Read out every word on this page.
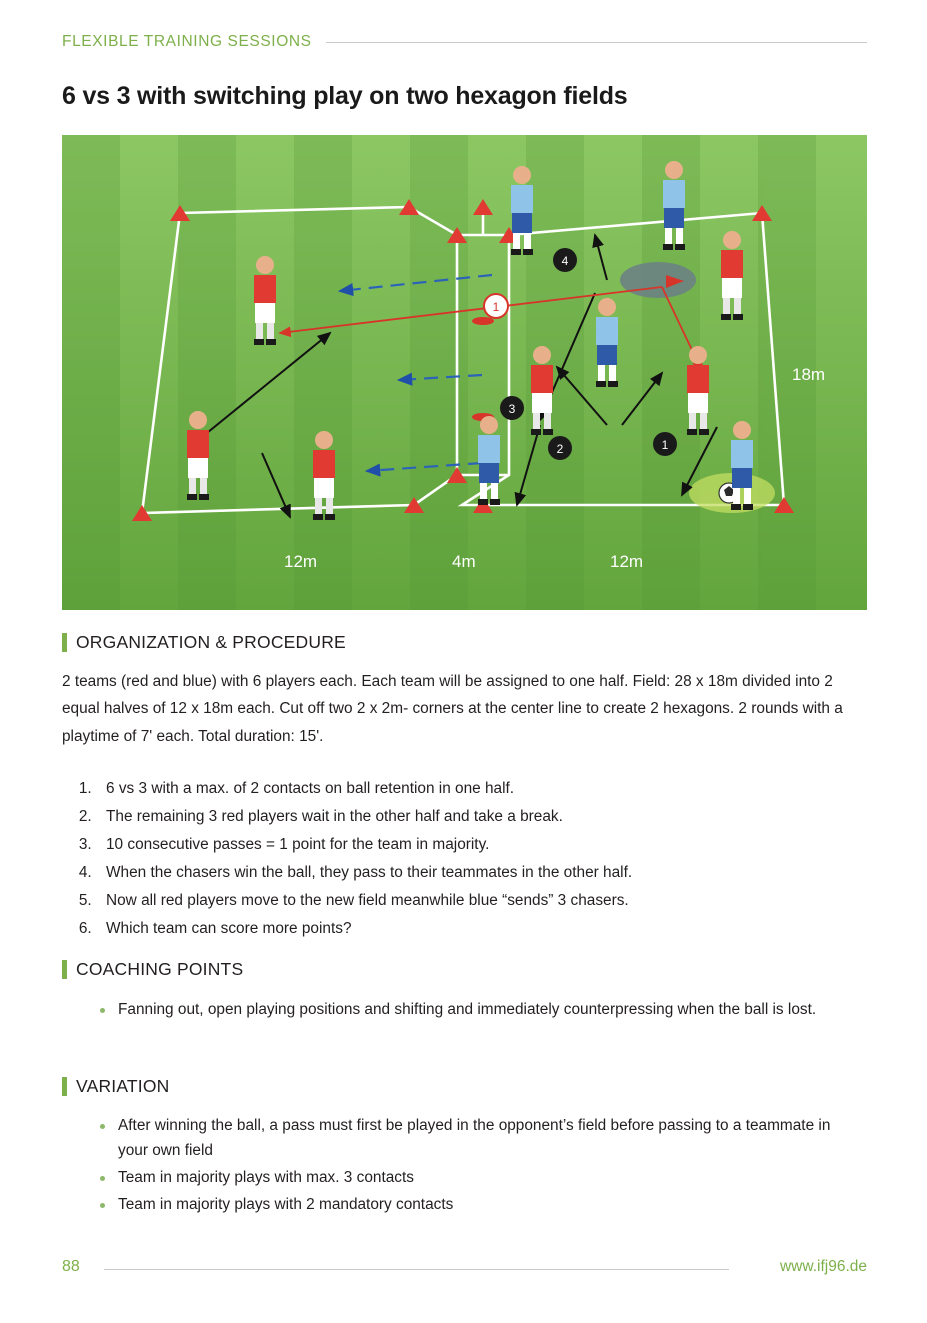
FLEXIBLE TRAINING SESSIONS
6 vs 3 with switching play on two hexagon fields
1
2
3
4
1
18m
12m	4m	12m
ORGANIZATION & PROCEDURE
2 teams (red and blue) with 6 players each. Each team will be assigned to one half. Field: 28 x 18m divided into 2 equal halves of 12 x 18m each. Cut off two 2 x 2m- corners at the center line to create 2 hexagons. 2 rounds with a playtime of 7' each. Total duration: 15'.
1. 6 vs 3 with a max. of 2 contacts on ball retention in one half.
2. The remaining 3 red players wait in the other half and take a break.
3. 10 consecutive passes = 1 point for the team in majority.
4. When the chasers win the ball, they pass to their teammates in the other half.
5. Now all red players move to the new field meanwhile blue “sends” 3 chasers.
6. Which team can score more points?
COACHING POINTS
Fanning out, open playing positions and shifting and immediately counterpressing when the ball is lost.
VARIATION
After winning the ball, a pass must first be played in the opponent’s field before passing to a teammate in your own field
Team in majority plays with max. 3 contacts
Team in majority plays with 2 mandatory contacts
88	www.ifj96.de
